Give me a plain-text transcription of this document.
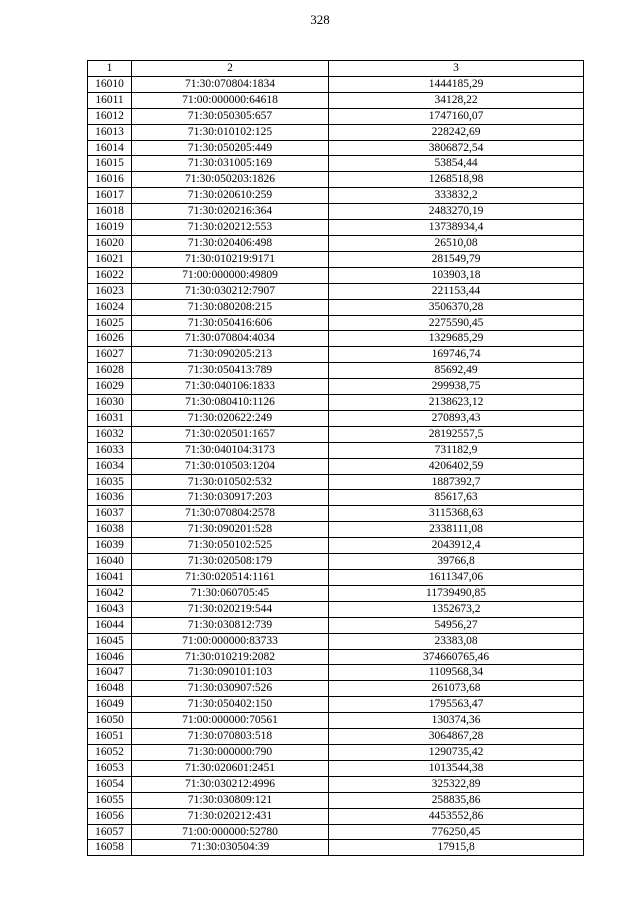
328
1	2	3
16010	71:30:070804:1834	1444185,29
16011	71:00:000000:64618	34128,22
16012	71:30:050305:657	1747160,07
16013	71:30:010102:125	228242,69
16014	71:30:050205:449	3806872,54
16015	71:30:031005:169	53854,44
16016	71:30:050203:1826	1268518,98
16017	71:30:020610:259	333832,2
16018	71:30:020216:364	2483270,19
16019	71:30:020212:553	13738934,4
16020	71:30:020406:498	26510,08
16021	71:30:010219:9171	281549,79
16022	71:00:000000:49809	103903,18
16023	71:30:030212:7907	221153,44
16024	71:30:080208:215	3506370,28
16025	71:30:050416:606	2275590,45
16026	71:30:070804:4034	1329685,29
16027	71:30:090205:213	169746,74
16028	71:30:050413:789	85692,49
16029	71:30:040106:1833	299938,75
16030	71:30:080410:1126	2138623,12
16031	71:30:020622:249	270893,43
16032	71:30:020501:1657	28192557,5
16033	71:30:040104:3173	731182,9
16034	71:30:010503:1204	4206402,59
16035	71:30:010502:532	1887392,7
16036	71:30:030917:203	85617,63
16037	71:30:070804:2578	3115368,63
16038	71:30:090201:528	2338111,08
16039	71:30:050102:525	2043912,4
16040	71:30:020508:179	39766,8
16041	71:30:020514:1161	1611347,06
16042	71:30:060705:45	11739490,85
16043	71:30:020219:544	1352673,2
16044	71:30:030812:739	54956,27
16045	71:00:000000:83733	23383,08
16046	71:30:010219:2082	374660765,46
16047	71:30:090101:103	1109568,34
16048	71:30:030907:526	261073,68
16049	71:30:050402:150	1795563,47
16050	71:00:000000:70561	130374,36
16051	71:30:070803:518	3064867,28
16052	71:30:000000:790	1290735,42
16053	71:30:020601:2451	1013544,38
16054	71:30:030212:4996	325322,89
16055	71:30:030809:121	258835,86
16056	71:30:020212:431	4453552,86
16057	71:00:000000:52780	776250,45
16058	71:30:030504:39	17915,8
